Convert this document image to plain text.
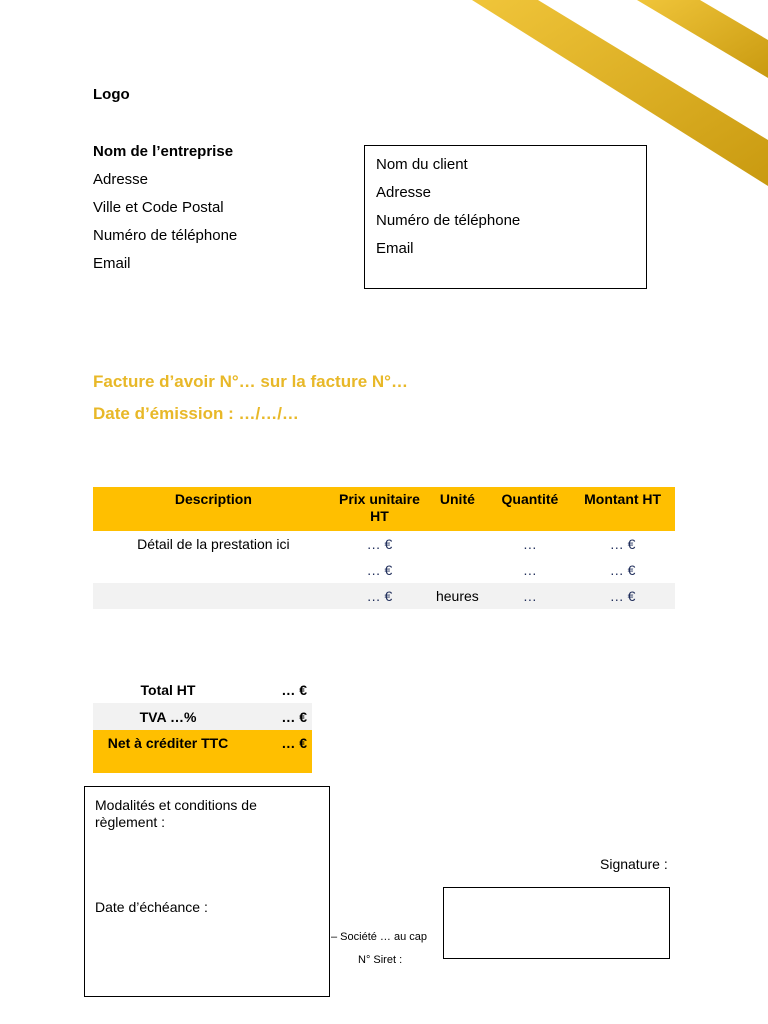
Logo
Nom de l’entreprise
Adresse
Ville et Code Postal
Numéro de téléphone
Email
Nom du client
Adresse
Numéro de téléphone
Email
Facture d’avoir N°… sur la facture N°…
Date d’émission : …/…/…
Description	Prix unitaire HT	Unité	Quantité	Montant HT
Détail de la prestation ici	… €		…	… €
	… €		…	… €
	… €	heures	…	… €
Total HT	… €
TVA …%	… €
Net à créditer TTC	… €
Modalités et conditions de règlement :
Date d’échéance :
Signature :
– Société … au cap
N° Siret :
